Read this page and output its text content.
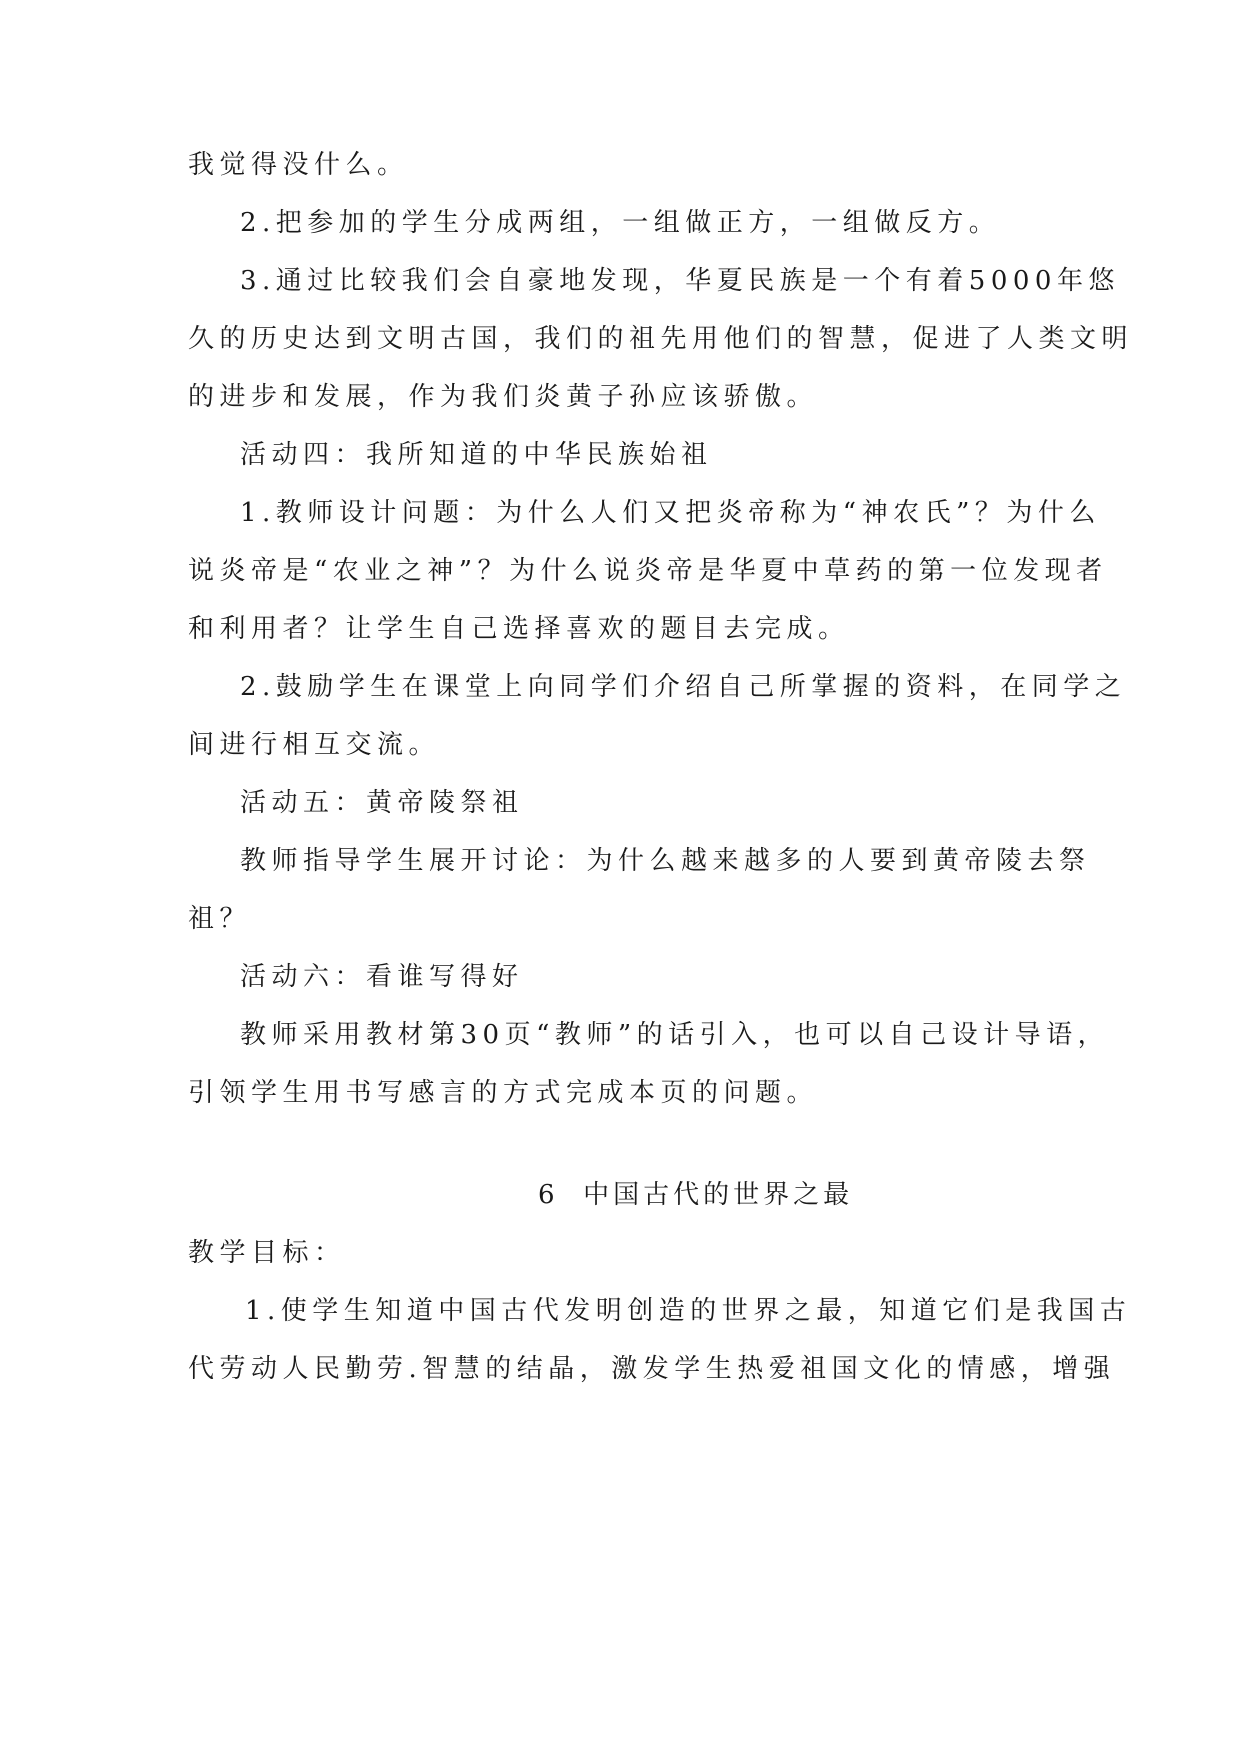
我觉得没什么。
2.把参加的学生分成两组，一组做正方，一组做反方。
3.通过比较我们会自豪地发现，华夏民族是一个有着5000年悠
久的历史达到文明古国，我们的祖先用他们的智慧，促进了人类文明
的进步和发展，作为我们炎黄子孙应该骄傲。
活动四：我所知道的中华民族始祖
1.教师设计问题：为什么人们又把炎帝称为“神农氏”？为什么
说炎帝是“农业之神”？为什么说炎帝是华夏中草药的第一位发现者
和利用者？让学生自己选择喜欢的题目去完成。
2.鼓励学生在课堂上向同学们介绍自己所掌握的资料，在同学之
间进行相互交流。
活动五：黄帝陵祭祖
教师指导学生展开讨论：为什么越来越多的人要到黄帝陵去祭
祖？
活动六：看谁写得好
教师采用教材第30页“教师”的话引入，也可以自己设计导语，
引领学生用书写感言的方式完成本页的问题。
6  中国古代的世界之最
教学目标：
1.使学生知道中国古代发明创造的世界之最，知道它们是我国古
代劳动人民勤劳.智慧的结晶，激发学生热爱祖国文化的情感，增强
